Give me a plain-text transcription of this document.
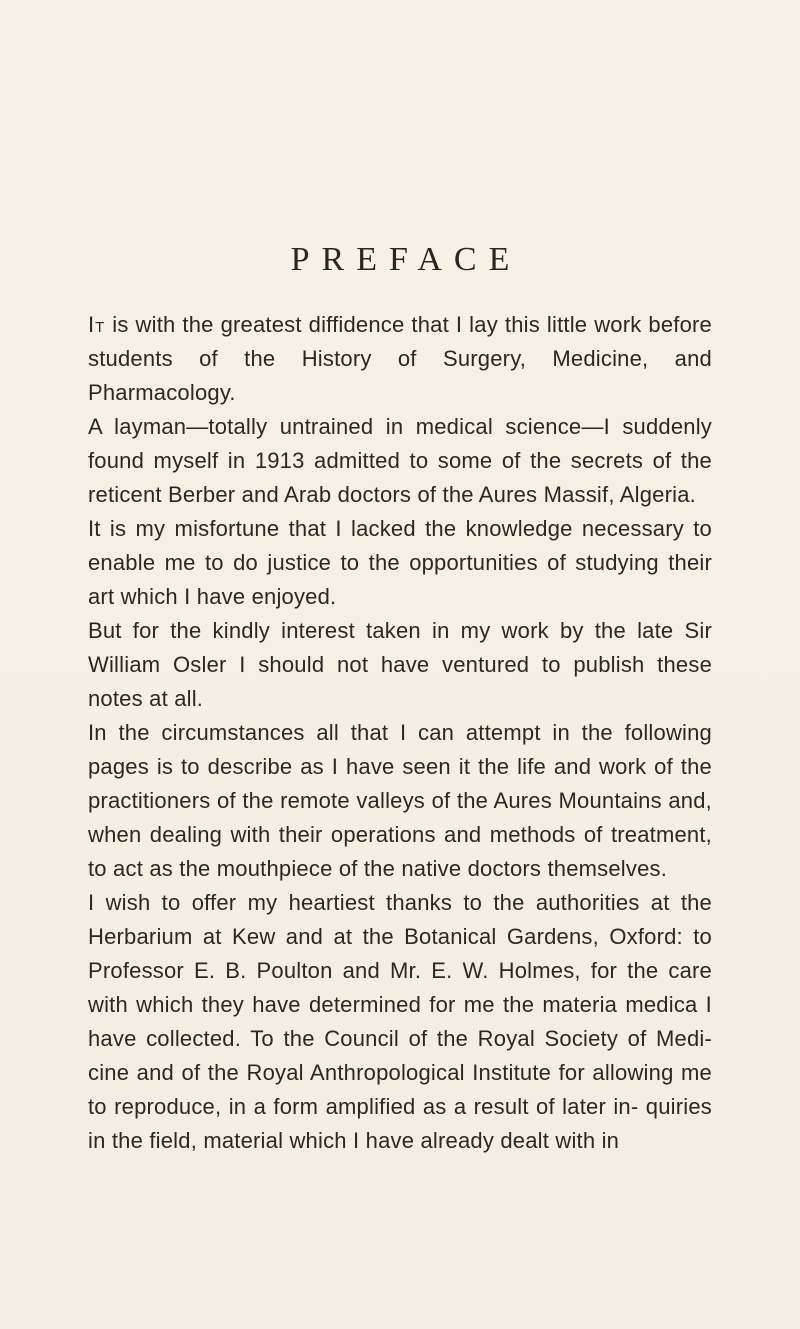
PREFACE

It is with the greatest diffidence that I lay this little work before students of the History of Surgery, Medicine, and Pharmacology.

A layman—totally untrained in medical science—I suddenly found myself in 1913 admitted to some of the secrets of the reticent Berber and Arab doctors of the Aures Massif, Algeria.

It is my misfortune that I lacked the knowledge necessary to enable me to do justice to the opportunities of studying their art which I have enjoyed.

But for the kindly interest taken in my work by the late Sir William Osler I should not have ventured to publish these notes at all.

In the circumstances all that I can attempt in the following pages is to describe as I have seen it the life and work of the practitioners of the remote valleys of the Aures Mountains and, when dealing with their operations and methods of treatment, to act as the mouthpiece of the native doctors themselves.

I wish to offer my heartiest thanks to the authorities at the Herbarium at Kew and at the Botanical Gardens, Oxford: to Professor E. B. Poulton and Mr. E. W. Holmes, for the care with which they have determined for me the materia medica I have collected. To the Council of the Royal Society of Medi- cine and of the Royal Anthropological Institute for allowing me to reproduce, in a form amplified as a result of later in- quiries in the field, material which I have already dealt with in
